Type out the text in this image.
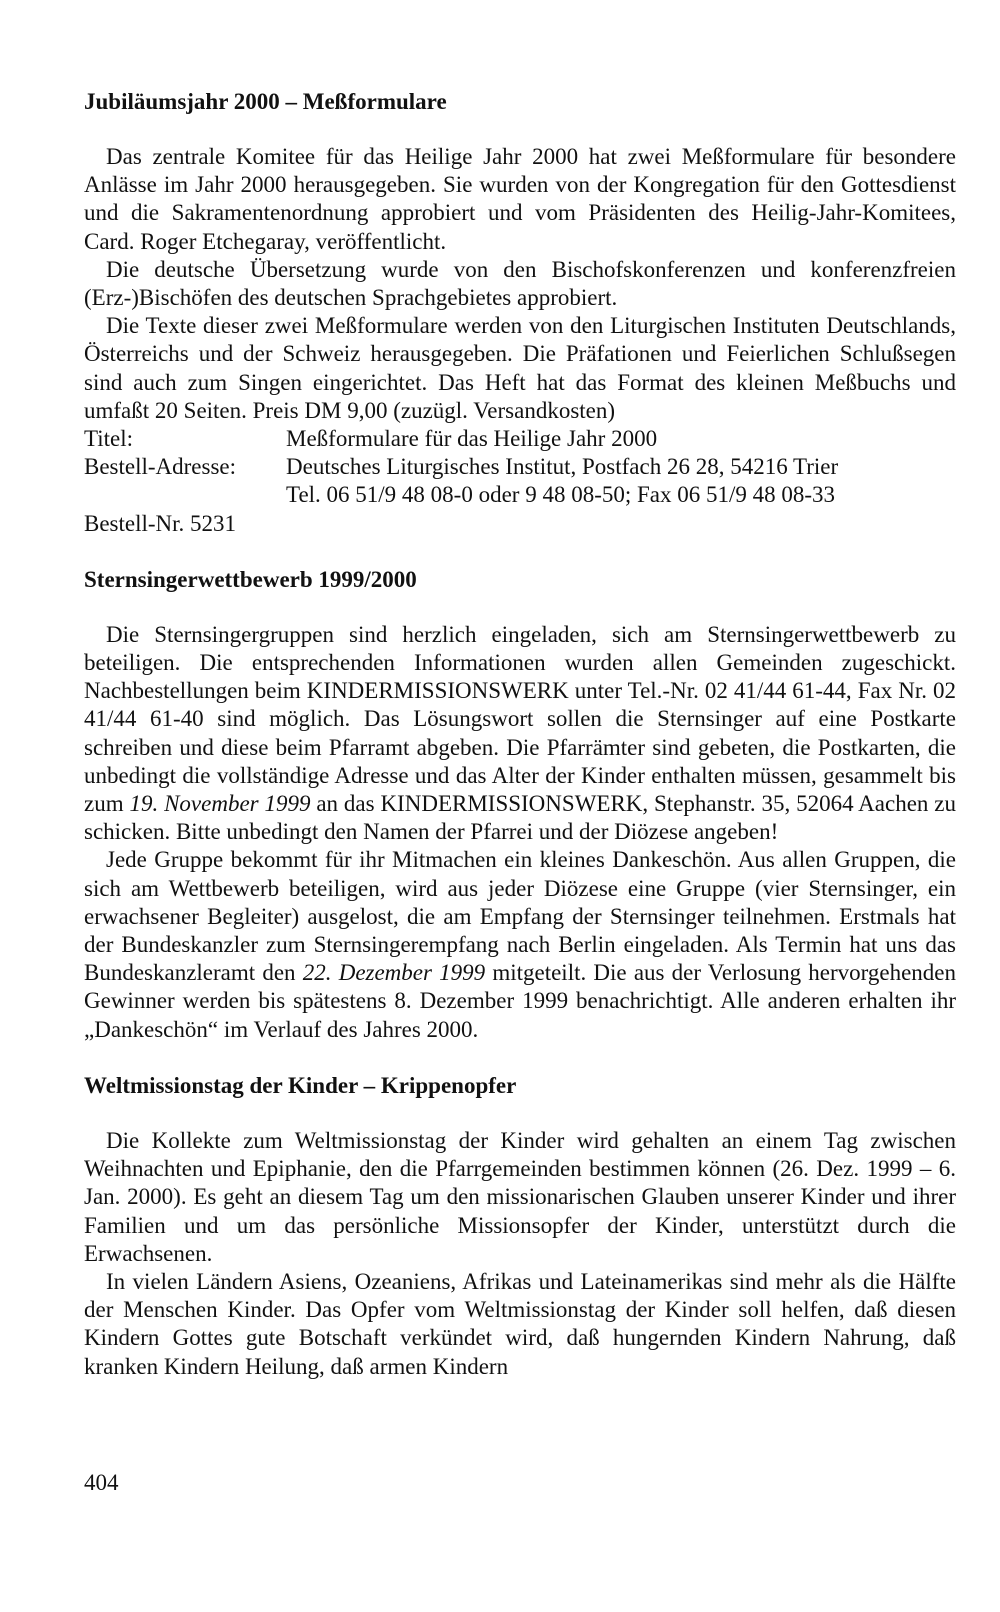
Jubiläumsjahr 2000 – Meßformulare

Das zentrale Komitee für das Heilige Jahr 2000 hat zwei Meßformulare für besondere Anlässe im Jahr 2000 herausgegeben. Sie wurden von der Kongregation für den Gottesdienst und die Sakramentenordnung approbiert und vom Präsidenten des Heilig-Jahr-Komitees, Card. Roger Etchegaray, veröffentlicht.

Die deutsche Übersetzung wurde von den Bischofskonferenzen und konferenzfreien (Erz-)Bischöfen des deutschen Sprachgebietes approbiert.

Die Texte dieser zwei Meßformulare werden von den Liturgischen Instituten Deutschlands, Österreichs und der Schweiz herausgegeben. Die Präfationen und Feierlichen Schlußsegen sind auch zum Singen eingerichtet. Das Heft hat das Format des kleinen Meßbuchs und umfaßt 20 Seiten. Preis DM 9,00 (zuzügl. Versandkosten)

Titel:	Meßformulare für das Heilige Jahr 2000
Bestell-Adresse:	Deutsches Liturgisches Institut, Postfach 26 28, 54216 Trier
Tel. 06 51/9 48 08-0 oder 9 48 08-50; Fax 06 51/9 48 08-33
Bestell-Nr. 5231
Sternsingerwettbewerb 1999/2000

Die Sternsingergruppen sind herzlich eingeladen, sich am Sternsingerwettbewerb zu beteiligen. Die entsprechenden Informationen wurden allen Gemeinden zugeschickt. Nachbestellungen beim KINDERMISSIONSWERK unter Tel.-Nr. 02 41/44 61-44, Fax Nr. 02 41/44 61-40 sind möglich. Das Lösungswort sollen die Sternsinger auf eine Postkarte schreiben und diese beim Pfarramt abgeben. Die Pfarrämter sind gebeten, die Postkarten, die unbedingt die vollständige Adresse und das Alter der Kinder enthalten müssen, gesammelt bis zum 19. November 1999 an das KINDERMISSIONSWERK, Stephanstr. 35, 52064 Aachen zu schicken. Bitte unbedingt den Namen der Pfarrei und der Diözese angeben!

Jede Gruppe bekommt für ihr Mitmachen ein kleines Dankeschön. Aus allen Gruppen, die sich am Wettbewerb beteiligen, wird aus jeder Diözese eine Gruppe (vier Sternsinger, ein erwachsener Begleiter) ausgelost, die am Empfang der Sternsinger teilnehmen. Erstmals hat der Bundeskanzler zum Sternsingerempfang nach Berlin eingeladen. Als Termin hat uns das Bundeskanzleramt den 22. Dezember 1999 mitgeteilt. Die aus der Verlosung hervorgehenden Gewinner werden bis spätestens 8. Dezember 1999 benachrichtigt. Alle anderen erhalten ihr „Dankeschön“ im Verlauf des Jahres 2000.

Weltmissionstag der Kinder – Krippenopfer

Die Kollekte zum Weltmissionstag der Kinder wird gehalten an einem Tag zwischen Weihnachten und Epiphanie, den die Pfarrgemeinden bestimmen können (26. Dez. 1999 – 6. Jan. 2000). Es geht an diesem Tag um den missionarischen Glauben unserer Kinder und ihrer Familien und um das persönliche Missionsopfer der Kinder, unterstützt durch die Erwachsenen.

In vielen Ländern Asiens, Ozeaniens, Afrikas und Lateinamerikas sind mehr als die Hälfte der Menschen Kinder. Das Opfer vom Weltmissionstag der Kinder soll helfen, daß diesen Kindern Gottes gute Botschaft verkündet wird, daß hungernden Kindern Nahrung, daß kranken Kindern Heilung, daß armen Kindern

404
